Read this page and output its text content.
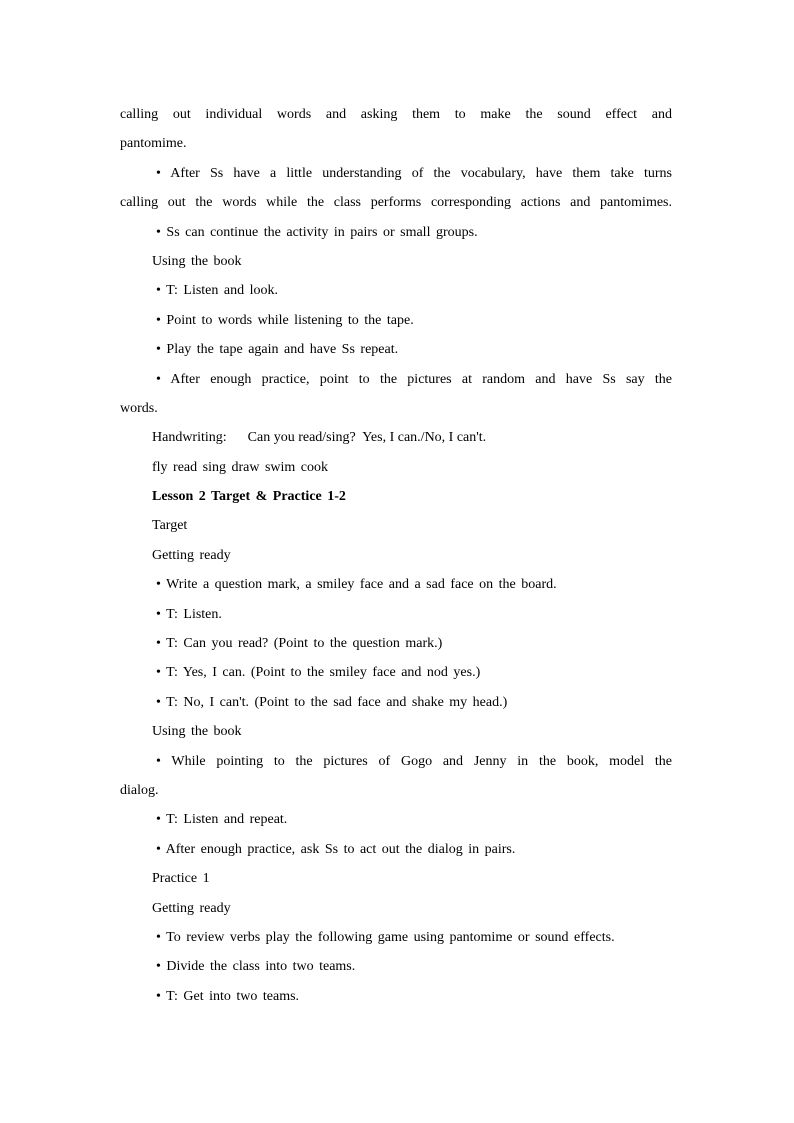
calling out individual words and asking them to make the sound effect and
pantomime.
• After Ss have a little understanding of the vocabulary, have them take turns
calling out the words while the class performs corresponding actions and pantomimes.
• Ss can continue the activity in pairs or small groups.
Using the book
• T: Listen and look.
• Point to words while listening to the tape.
• Play the tape again and have Ss repeat.
• After enough practice, point to the pictures at random and have Ss say the
words.
Handwriting:      Can you read/sing?  Yes, I can./No, I can't.
fly read sing draw swim cook
Lesson 2 Target & Practice 1-2
Target
Getting ready
• Write a question mark, a smiley face and a sad face on the board.
• T: Listen.
• T: Can you read? (Point to the question mark.)
• T: Yes, I can. (Point to the smiley face and nod yes.)
• T: No, I can't. (Point to the sad face and shake my head.)
Using the book
• While pointing to the pictures of Gogo and Jenny in the book, model the
dialog.
• T: Listen and repeat.
• After enough practice, ask Ss to act out the dialog in pairs.
Practice 1
Getting ready
• To review verbs play the following game using pantomime or sound effects.
• Divide the class into two teams.
• T: Get into two teams.
